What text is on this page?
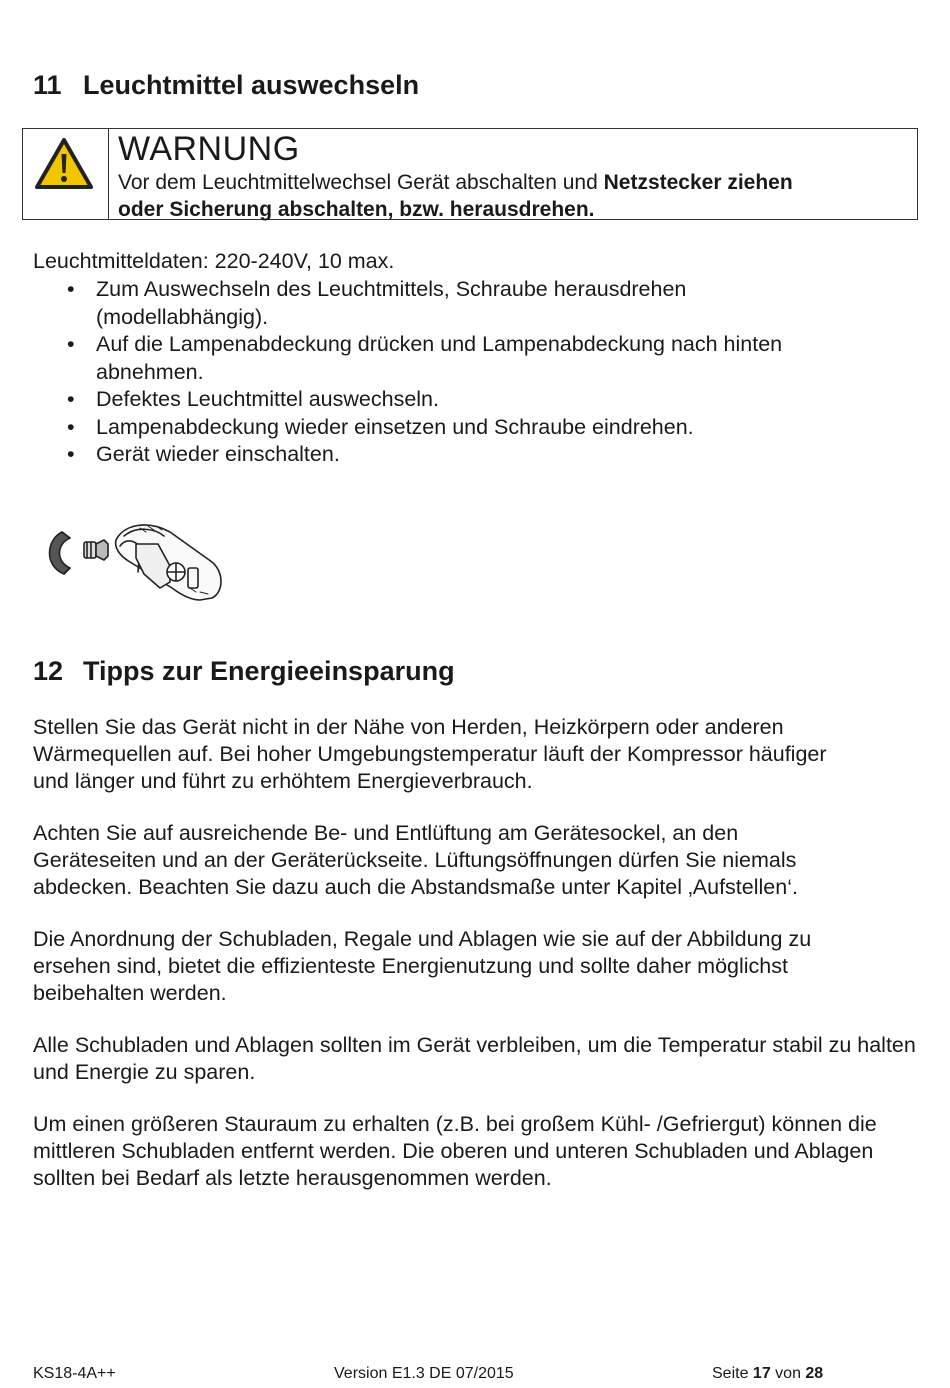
11 Leuchtmittel auswechseln
WARNUNG
Vor dem Leuchtmittelwechsel Gerät abschalten und Netzstecker ziehen
oder Sicherung abschalten, bzw. herausdrehen.

Leuchtmitteldaten: 220-240V, 10 max.

• Zum Auswechseln des Leuchtmittels, Schraube herausdrehen (modellabhängig).
• Auf die Lampenabdeckung drücken und Lampenabdeckung nach hinten abnehmen.
• Defektes Leuchtmittel auswechseln.
• Lampenabdeckung wieder einsetzen und Schraube eindrehen.
• Gerät wieder einschalten.
12 Tipps zur Energieeinsparung

Stellen Sie das Gerät nicht in der Nähe von Herden, Heizkörpern oder anderen Wärmequellen auf. Bei hoher Umgebungstemperatur läuft der Kompressor häufiger und länger und führt zu erhöhtem Energieverbrauch.

Achten Sie auf ausreichende Be- und Entlüftung am Gerätesockel, an den Geräteseiten und an der Geräterückseite. Lüftungsöffnungen dürfen Sie niemals abdecken. Beachten Sie dazu auch die Abstandsmaße unter Kapitel ‚Aufstellen‘.

Die Anordnung der Schubladen, Regale und Ablagen wie sie auf der Abbildung zu ersehen sind, bietet die effizienteste Energienutzung und sollte daher möglichst beibehalten werden.

Alle Schubladen und Ablagen sollten im Gerät verbleiben, um die Temperatur stabil zu halten und Energie zu sparen.

Um einen größeren Stauraum zu erhalten (z.B. bei großem Kühl- /Gefriergut) können die mittleren Schubladen entfernt werden. Die oberen und unteren Schubladen und Ablagen sollten bei Bedarf als letzte herausgenommen werden.

KS18-4A++	Version E1.3 DE 07/2015	Seite 17 von 28
